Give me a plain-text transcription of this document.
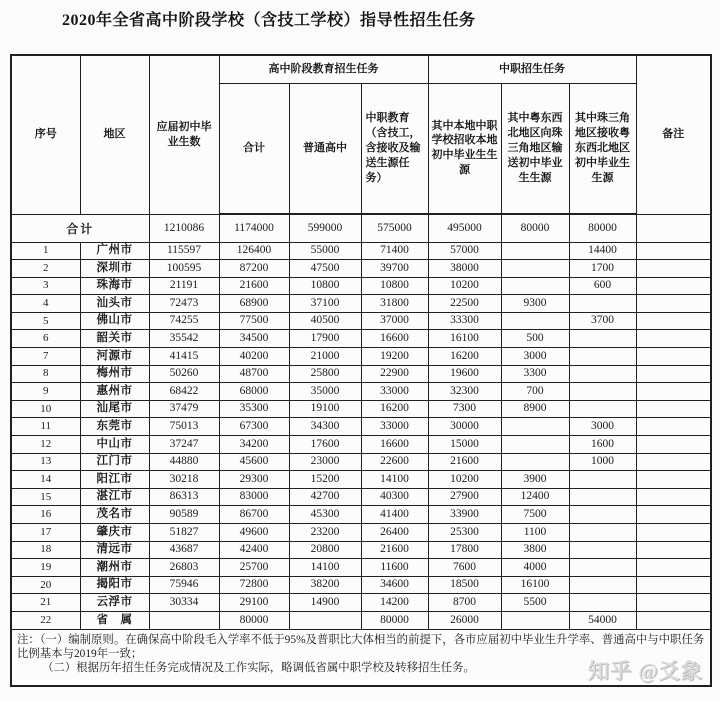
2020年全省高中阶段学校（含技工学校）指导性招生任务
序号	地区	应届初中毕业生数	高中阶段教育招生任务			中职招生任务			备注
			合计	普通高中	中职教育（含技工，含接收及输送生源任务）	其中本地中职学校招收本地初中毕业生生源	其中粤东西北地区向珠三角地区输送初中毕业生生源	其中珠三角地区接收粤东西北地区初中毕业生生源	
合计		1210086	1174000	599000	575000	495000	80000	80000	
1	广州市	115597	126400	55000	71400	57000		14400	
2	深圳市	100595	87200	47500	39700	38000		1700	
3	珠海市	21191	21600	10800	10800	10200		600	
4	汕头市	72473	68900	37100	31800	22500	9300		
5	佛山市	74255	77500	40500	37000	33300		3700	
6	韶关市	35542	34500	17900	16600	16100	500		
7	河源市	41415	40200	21000	19200	16200	3000		
8	梅州市	50260	48700	25800	22900	19600	3300		
9	惠州市	68422	68000	35000	33000	32300	700		
10	汕尾市	37479	35300	19100	16200	7300	8900		
11	东莞市	75013	67300	34300	33000	30000		3000	
12	中山市	37247	34200	17600	16600	15000		1600	
13	江门市	44880	45600	23000	22600	21600		1000	
14	阳江市	30218	29300	15200	14100	10200	3900		
15	湛江市	86313	83000	42700	40300	27900	12400		
16	茂名市	90589	86700	45300	41400	33900	7500		
17	肇庆市	51827	49600	23200	26400	25300	1100		
18	清远市	43687	42400	20800	21600	17800	3800		
19	潮州市	26803	25700	14100	11600	7600	4000		
20	揭阳市	75946	72800	38200	34600	18500	16100		
21	云浮市	30334	29100	14900	14200	8700	5500		
22	省　属		80000		80000	26000		54000	

注：（一）编制原则。在确保高中阶段毛入学率不低于95%及普职比大体相当的前提下，各市应届初中毕业生升学率、普通高中与中职任务比例基本与2019年一致；
（二）根据历年招生任务完成情况及工作实际，略调低省属中职学校及转移招生任务。										知乎 @爻象
